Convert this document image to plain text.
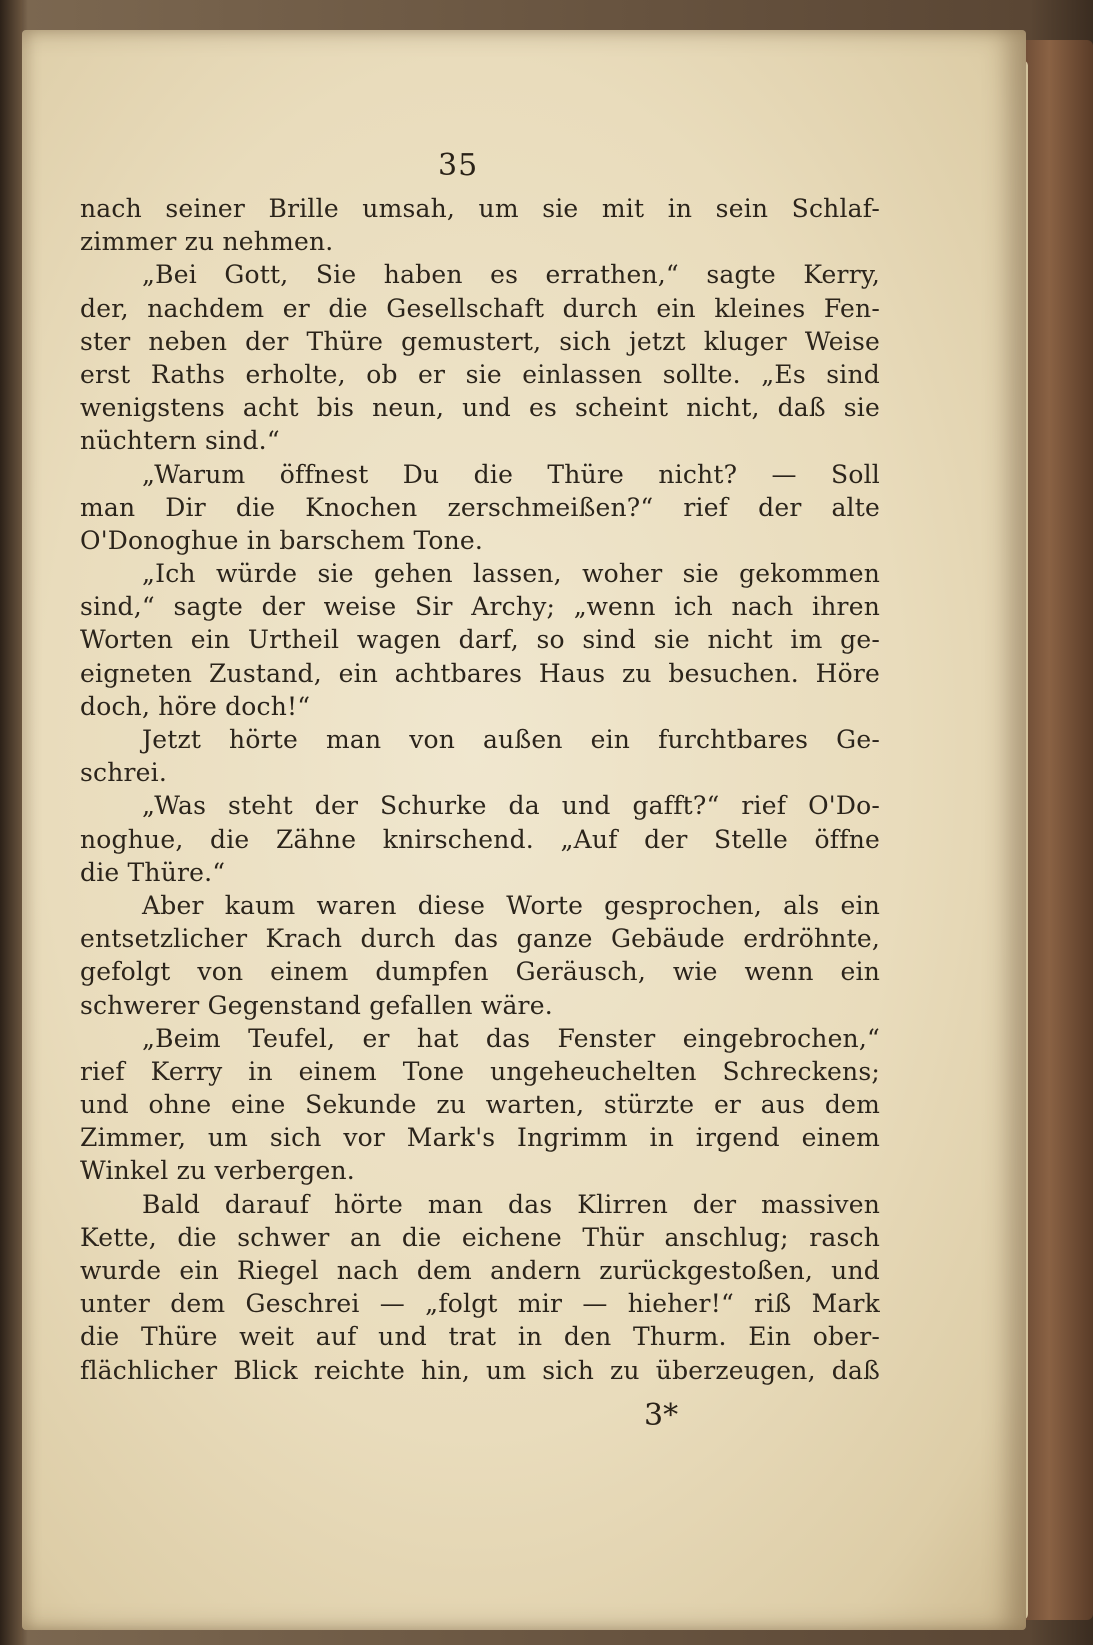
35
nach seiner Brille umsah, um sie mit in sein Schlaf-
zimmer zu nehmen.
„Bei Gott, Sie haben es errathen,“ sagte Kerry,
der, nachdem er die Gesellschaft durch ein kleines Fen-
ster neben der Thüre gemustert, sich jetzt kluger Weise
erst Raths erholte, ob er sie einlassen sollte. „Es sind
wenigstens acht bis neun, und es scheint nicht, daß sie
nüchtern sind.“
„Warum öffnest Du die Thüre nicht? — Soll
man Dir die Knochen zerschmeißen?“ rief der alte
O'Donoghue in barschem Tone.
„Ich würde sie gehen lassen, woher sie gekommen
sind,“ sagte der weise Sir Archy; „wenn ich nach ihren
Worten ein Urtheil wagen darf, so sind sie nicht im ge-
eigneten Zustand, ein achtbares Haus zu besuchen. Höre
doch, höre doch!“
Jetzt hörte man von außen ein furchtbares Ge-
schrei.
„Was steht der Schurke da und gafft?“ rief O'Do-
noghue, die Zähne knirschend. „Auf der Stelle öffne
die Thüre.“
Aber kaum waren diese Worte gesprochen, als ein
entsetzlicher Krach durch das ganze Gebäude erdröhnte,
gefolgt von einem dumpfen Geräusch, wie wenn ein
schwerer Gegenstand gefallen wäre.
„Beim Teufel, er hat das Fenster eingebrochen,“
rief Kerry in einem Tone ungeheuchelten Schreckens;
und ohne eine Sekunde zu warten, stürzte er aus dem
Zimmer, um sich vor Mark's Ingrimm in irgend einem
Winkel zu verbergen.
Bald darauf hörte man das Klirren der massiven
Kette, die schwer an die eichene Thür anschlug; rasch
wurde ein Riegel nach dem andern zurückgestoßen, und
unter dem Geschrei — „folgt mir — hieher!“ riß Mark
die Thüre weit auf und trat in den Thurm. Ein ober-
flächlicher Blick reichte hin, um sich zu überzeugen, daß
3*
